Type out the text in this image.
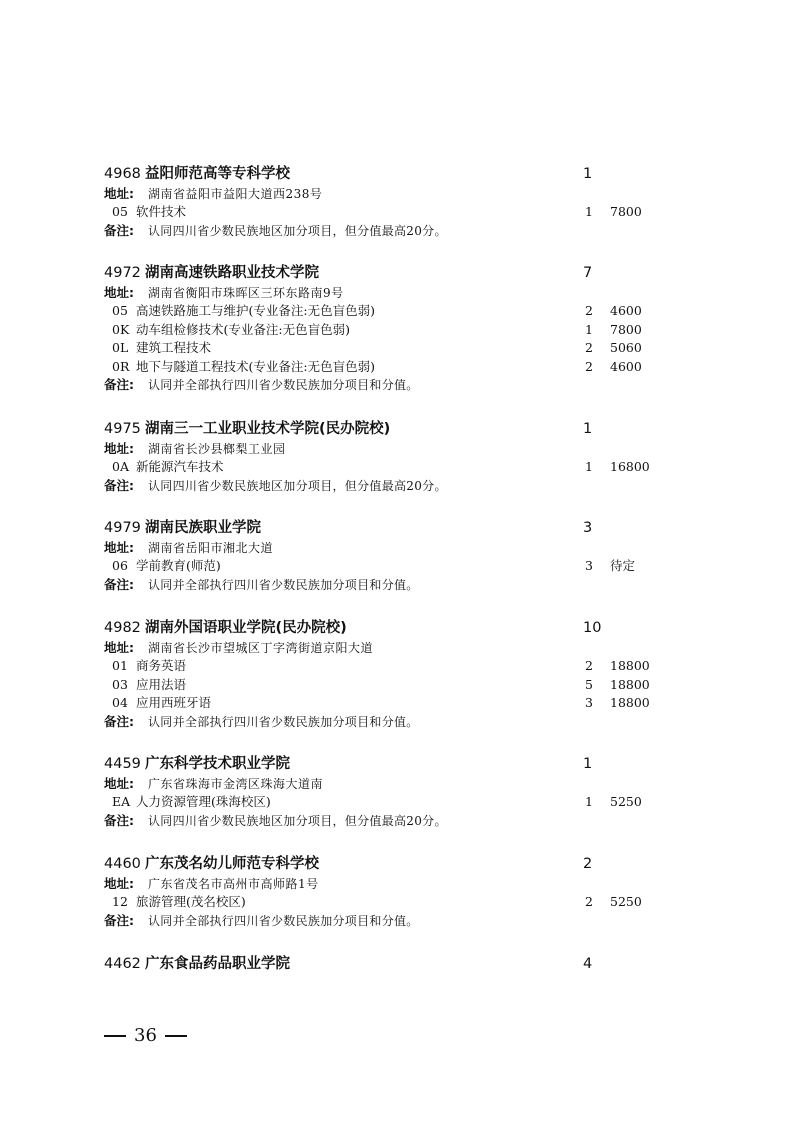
4968 益阳师范高等专科学校	1
地址: 湖南省益阳市益阳大道西238号
05 软件技术	1 7800
备注: 认同四川省少数民族地区加分项目，但分值最高20分。
4972 湖南高速铁路职业技术学院	7
地址: 湖南省衡阳市珠晖区三环东路南9号
05 高速铁路施工与维护(专业备注:无色盲色弱)	2 4600
0K 动车组检修技术(专业备注:无色盲色弱)	1 7800
0L 建筑工程技术	2 5060
0R 地下与隧道工程技术(专业备注:无色盲色弱)	2 4600
备注: 认同并全部执行四川省少数民族加分项目和分值。
4975 湖南三一工业职业技术学院(民办院校)	1
地址: 湖南省长沙县榔梨工业园
0A 新能源汽车技术	1 16800
备注: 认同四川省少数民族地区加分项目，但分值最高20分。
4979 湖南民族职业学院	3
地址: 湖南省岳阳市湘北大道
06 学前教育(师范)	3 待定
备注: 认同并全部执行四川省少数民族加分项目和分值。
4982 湖南外国语职业学院(民办院校)	10
地址: 湖南省长沙市望城区丁字湾街道京阳大道
01 商务英语	2 18800
03 应用法语	5 18800
04 应用西班牙语	3 18800
备注: 认同并全部执行四川省少数民族加分项目和分值。
4459 广东科学技术职业学院	1
地址: 广东省珠海市金湾区珠海大道南
EA 人力资源管理(珠海校区)	1 5250
备注: 认同四川省少数民族地区加分项目，但分值最高20分。
4460 广东茂名幼儿师范专科学校	2
地址: 广东省茂名市高州市高师路1号
12 旅游管理(茂名校区)	2 5250
备注: 认同并全部执行四川省少数民族加分项目和分值。
4462 广东食品药品职业学院	4
36
